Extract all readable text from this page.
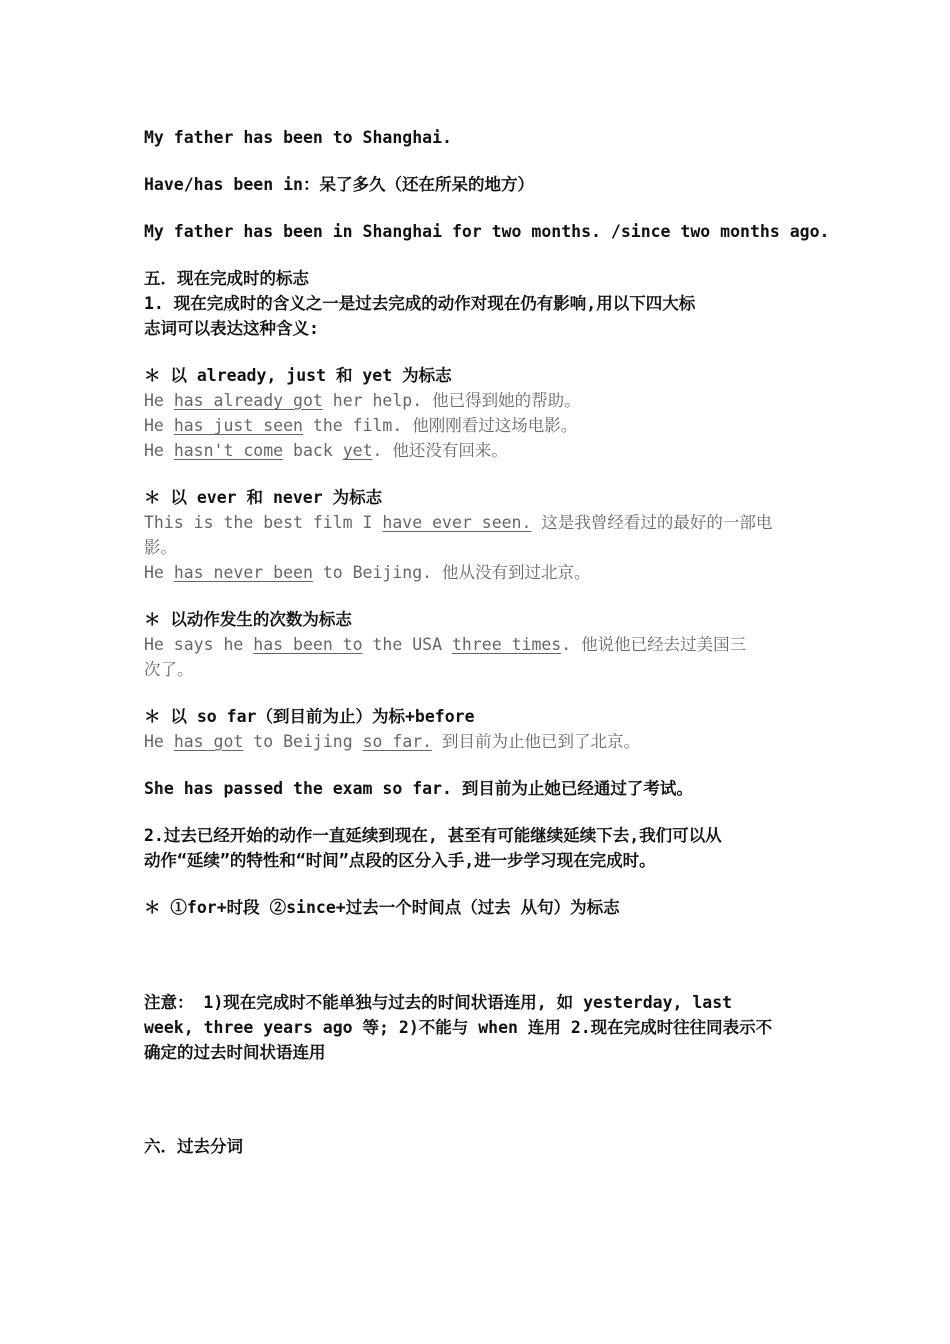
My father has been to Shanghai.
Have/has been in：呆了多久（还在所呆的地方）
My father has been in Shanghai for two months. /since two months ago.
五．现在完成时的标志
1. 现在完成时的含义之一是过去完成的动作对现在仍有影响,用以下四大标
志词可以表达这种含义:
＊ 以 already, just 和 yet 为标志
He has already got her help. 他已得到她的帮助。
He has just seen the film. 他刚刚看过这场电影。
He hasn't come back yet. 他还没有回来。
＊ 以 ever 和 never 为标志
This is the best film I have ever seen. 这是我曾经看过的最好的一部电
影。
He has never been to Beijing. 他从没有到过北京。
＊ 以动作发生的次数为标志
He says he has been to the USA three times. 他说他已经去过美国三
次了。
＊ 以 so far（到目前为止）为标+before
He has got to Beijing so far. 到目前为止他已到了北京。
She has passed the exam so far. 到目前为止她已经通过了考试。
2.过去已经开始的动作一直延续到现在, 甚至有可能继续延续下去,我们可以从
动作“延续”的特性和“时间”点段的区分入手,进一步学习现在完成时。
＊ ①for+时段 ②since+过去一个时间点（过去 从句）为标志
注意： 1)现在完成时不能单独与过去的时间状语连用, 如 yesterday, last
week, three years ago 等; 2)不能与 when 连用 2.现在完成时往往同表示不
确定的过去时间状语连用
六．过去分词
